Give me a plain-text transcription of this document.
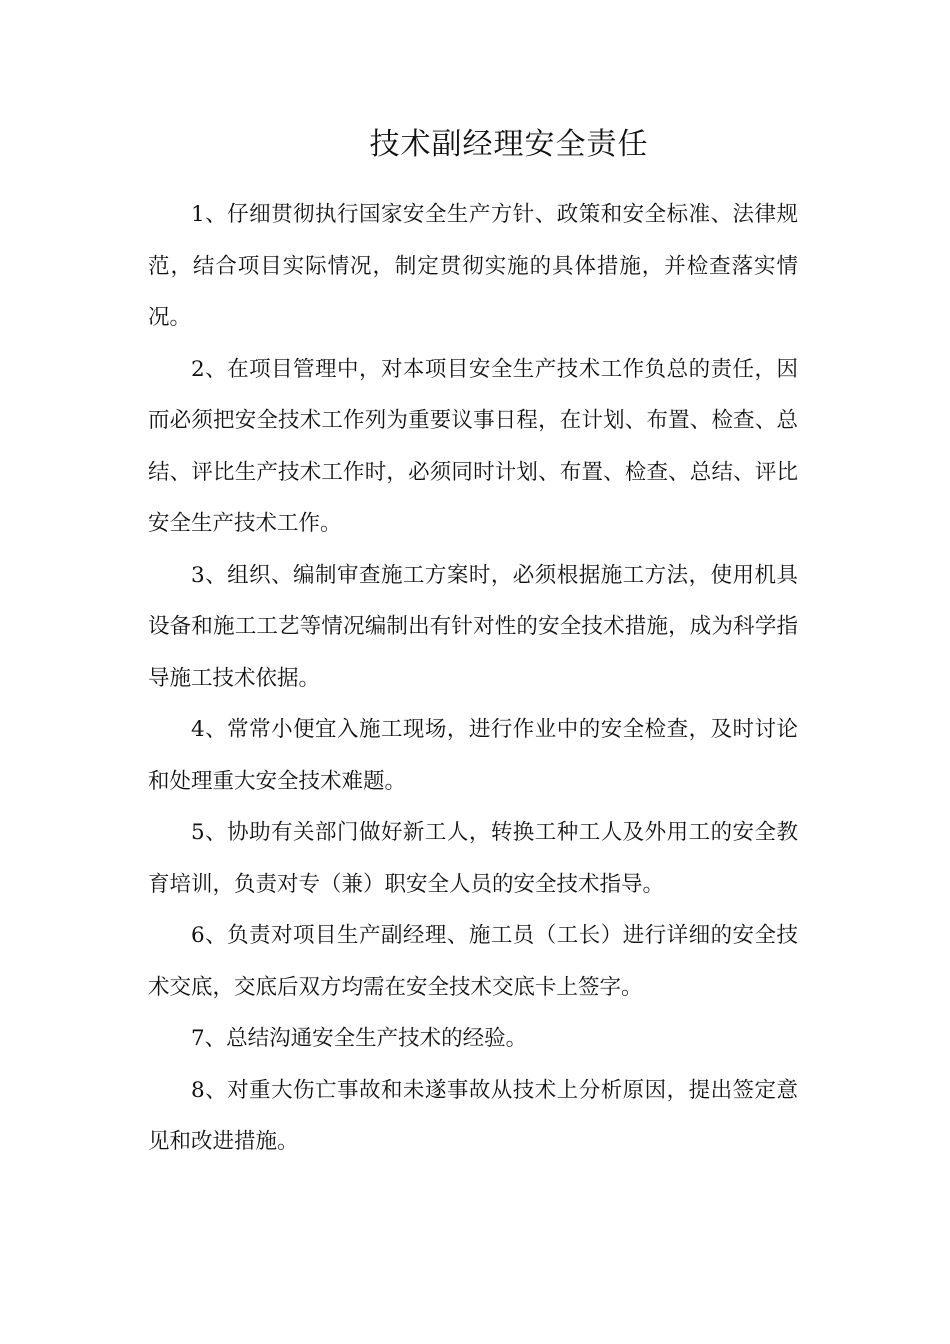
技术副经理安全责任

1、仔细贯彻执行国家安全生产方针、政策和安全标准、法律规范，结合项目实际情况，制定贯彻实施的具体措施，并检查落实情况。

2、在项目管理中，对本项目安全生产技术工作负总的责任，因而必须把安全技术工作列为重要议事日程，在计划、布置、检查、总结、评比生产技术工作时，必须同时计划、布置、检查、总结、评比安全生产技术工作。

3、组织、编制审查施工方案时，必须根据施工方法，使用机具设备和施工工艺等情况编制出有针对性的安全技术措施，成为科学指导施工技术依据。

4、常常小便宜入施工现场，进行作业中的安全检查，及时讨论和处理重大安全技术难题。

5、协助有关部门做好新工人，转换工种工人及外用工的安全教育培训，负责对专（兼）职安全人员的安全技术指导。

6、负责对项目生产副经理、施工员（工长）进行详细的安全技术交底，交底后双方均需在安全技术交底卡上签字。

7、总结沟通安全生产技术的经验。

8、对重大伤亡事故和未遂事故从技术上分析原因，提出签定意见和改进措施。
